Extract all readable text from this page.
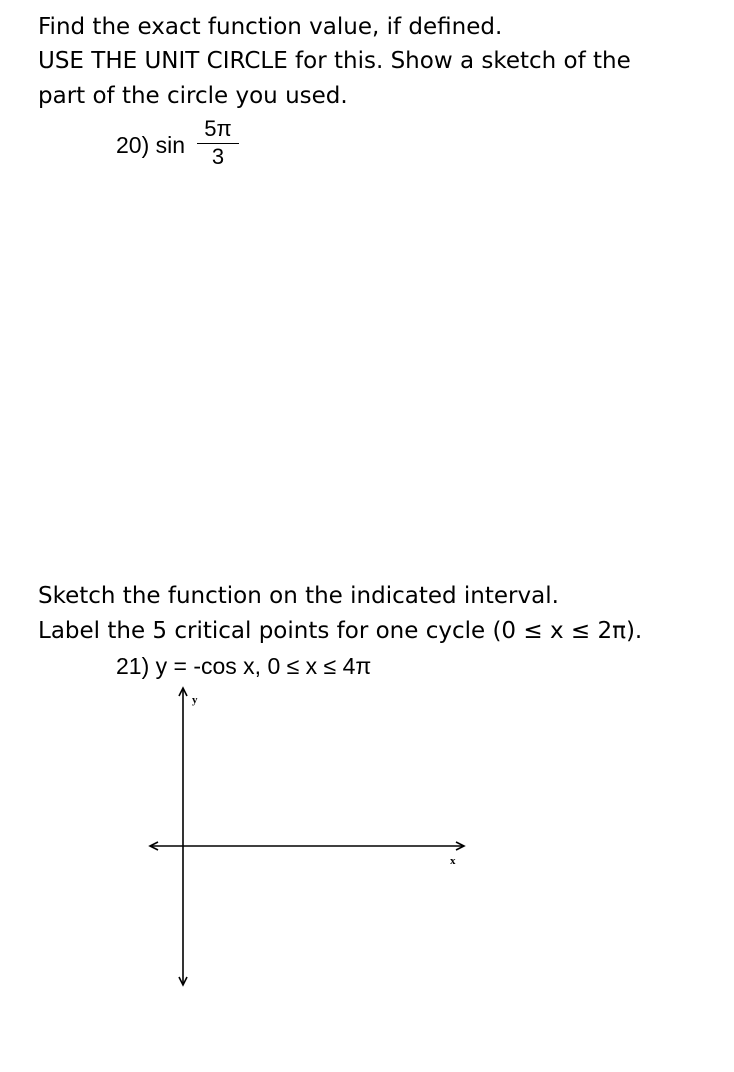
Find the exact function value, if defined.
USE THE UNIT CIRCLE for this. Show a sketch of the
part of the circle you used.
20) sin
5π
3
Sketch the function on the indicated interval.
Label the 5 critical points for one cycle (0 ≤ x ≤ 2π).
21) y = -cos x, 0 ≤ x ≤ 4π
y
x
